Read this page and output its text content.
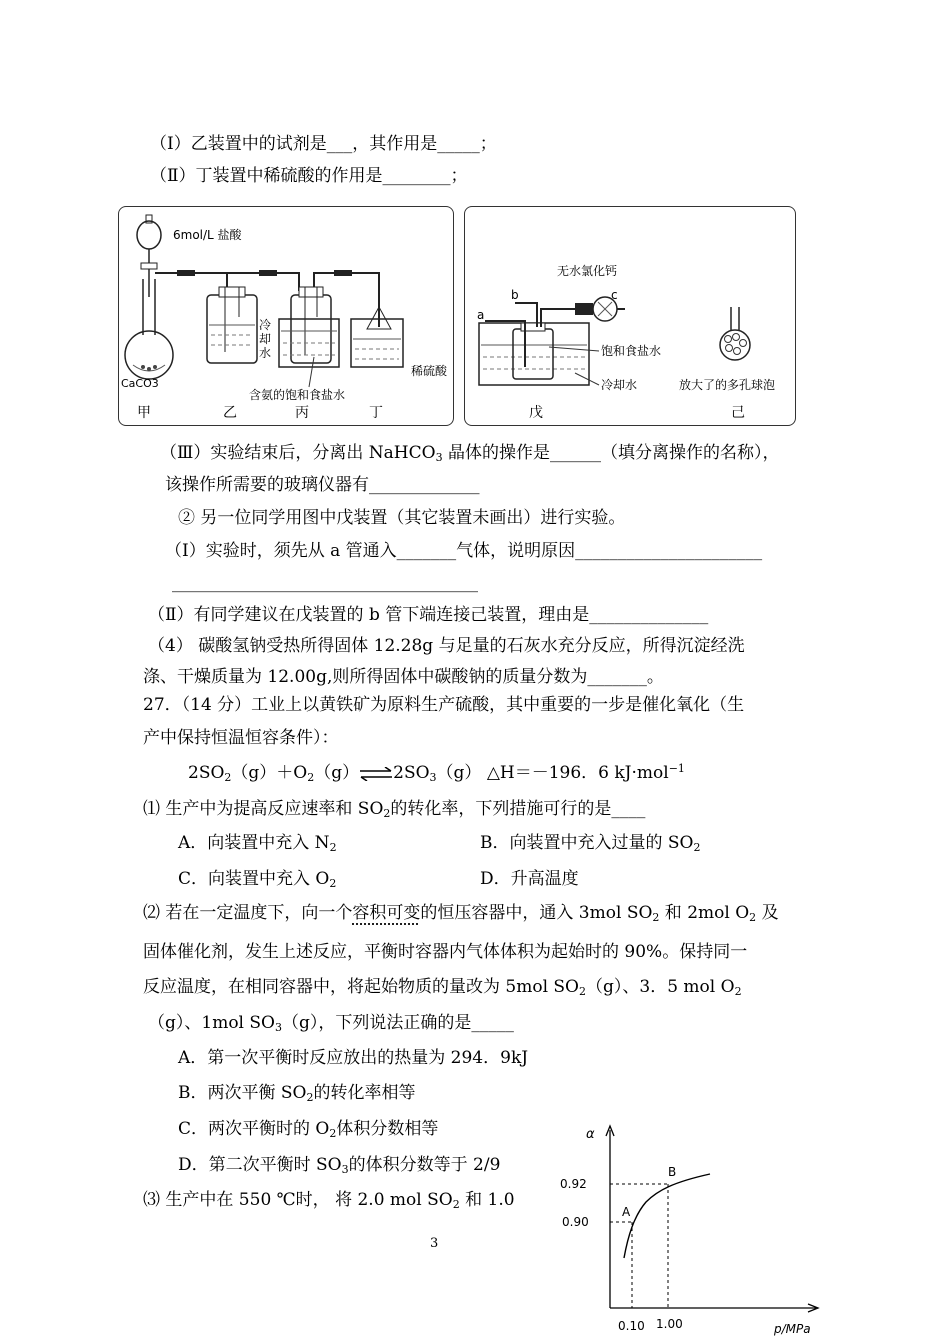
（Ⅰ）乙装置中的试剂是___，其作用是_____；
（Ⅱ）丁装置中稀硫酸的作用是________；
6mol/L 盐酸
CaCO3
冷却水
含氨的饱和食盐水
稀硫酸
甲	乙	丙	丁
无水氯化钙
a
b	c
饱和食盐水
冷却水	放大了的多孔球泡
戊	己
（Ⅲ）实验结束后，分离出 NaHCO$_3$ 晶体的操作是______（填分离操作的名称），
该操作所需要的玻璃仪器有_____________
② 另一位同学用图中戊装置（其它装置未画出）进行实验。
（Ⅰ）实验时，须先从 a 管通入_______气体，说明原因______________________
____________________________________
（Ⅱ）有同学建议在戊装置的 b 管下端连接己装置，理由是______________
（4） 碳酸氢钠受热所得固体 12.28g 与足量的石灰水充分反应，所得沉淀经洗
涤、干燥质量为 12.00g,则所得固体中碳酸钠的质量分数为_______。
27．（14 分）工业上以黄铁矿为原料生产硫酸，其中重要的一步是催化氧化（生
产中保持恒温恒容条件）：
$2SO_2(g)+O_2(g)\rightleftharpoons 2SO_3(g)$ △H＝－196．6 kJ·mol$^{-1}$
⑴ 生产中为提高反应速率和 $SO_2$的转化率，下列措施可行的是____
A．向装置中充入 $N_2$	B．向装置中充入过量的 $SO_2$
C．向装置中充入 $O_2$	D．升高温度
⑵ 若在一定温度下，向一个容积可变的恒压容器中，通入 3mol $SO_2$ 和 2mol $O_2$ 及
固体催化剂，发生上述反应，平衡时容器内气体体积为起始时的 90%。保持同一
反应温度，在相同容器中，将起始物质的量改为 5mol $SO_2(g)$、3．5 mol $O_2$
（g）、1mol $SO_3(g)$，下列说法正确的是_____
A．第一次平衡时反应放出的热量为 294．9kJ
B．两次平衡 $SO_2$的转化率相等
C．两次平衡时的 $O_2$体积分数相等
D．第二次平衡时 $SO_3$的体积分数等于 2/9
⑶ 生产中在 550 ℃时， 将 2.0 mol $SO_2$ 和 1.0
3
α
p/MPa
0.92
0.90
0.10 1.00
A
B
